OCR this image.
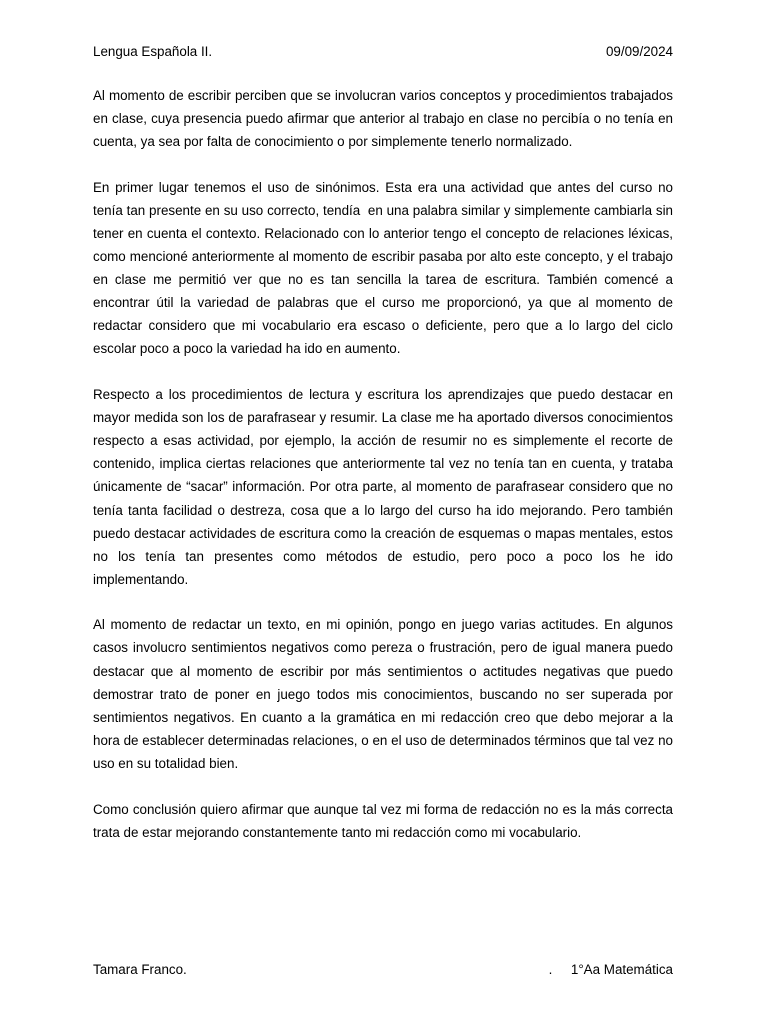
Lengua Española II.	09/09/2024

Al momento de escribir perciben que se involucran varios conceptos y procedimientos trabajados en clase, cuya presencia puedo afirmar que anterior al trabajo en clase no percibía o no tenía en cuenta, ya sea por falta de conocimiento o por simplemente tenerlo normalizado.

En primer lugar tenemos el uso de sinónimos. Esta era una actividad que antes del curso no tenía tan presente en su uso correcto, tendía  en una palabra similar y simplemente cambiarla sin tener en cuenta el contexto. Relacionado con lo anterior tengo el concepto de relaciones léxicas, como mencioné anteriormente al momento de escribir pasaba por alto este concepto, y el trabajo en clase me permitió ver que no es tan sencilla la tarea de escritura. También comencé a encontrar útil la variedad de palabras que el curso me proporcionó, ya que al momento de redactar considero que mi vocabulario era escaso o deficiente, pero que a lo largo del ciclo escolar poco a poco la variedad ha ido en aumento.

Respecto a los procedimientos de lectura y escritura los aprendizajes que puedo destacar en mayor medida son los de parafrasear y resumir. La clase me ha aportado diversos conocimientos respecto a esas actividad, por ejemplo, la acción de resumir no es simplemente el recorte de contenido, implica ciertas relaciones que anteriormente tal vez no tenía tan en cuenta, y trataba únicamente de “sacar” información. Por otra parte, al momento de parafrasear considero que no tenía tanta facilidad o destreza, cosa que a lo largo del curso ha ido mejorando. Pero también puedo destacar actividades de escritura como la creación de esquemas o mapas mentales, estos no los tenía tan presentes como métodos de estudio, pero poco a poco los he ido implementando.

Al momento de redactar un texto, en mi opinión, pongo en juego varias actitudes. En algunos casos involucro sentimientos negativos como pereza o frustración, pero de igual manera puedo destacar que al momento de escribir por más sentimientos o actitudes negativas que puedo demostrar trato de poner en juego todos mis conocimientos, buscando no ser superada por sentimientos negativos. En cuanto a la gramática en mi redacción creo que debo mejorar a la hora de establecer determinadas relaciones, o en el uso de determinados términos que tal vez no uso en su totalidad bien.

Como conclusión quiero afirmar que aunque tal vez mi forma de redacción no es la más correcta trata de estar mejorando constantemente tanto mi redacción como mi vocabulario.

Tamara Franco.	.     1°Aa Matemática
